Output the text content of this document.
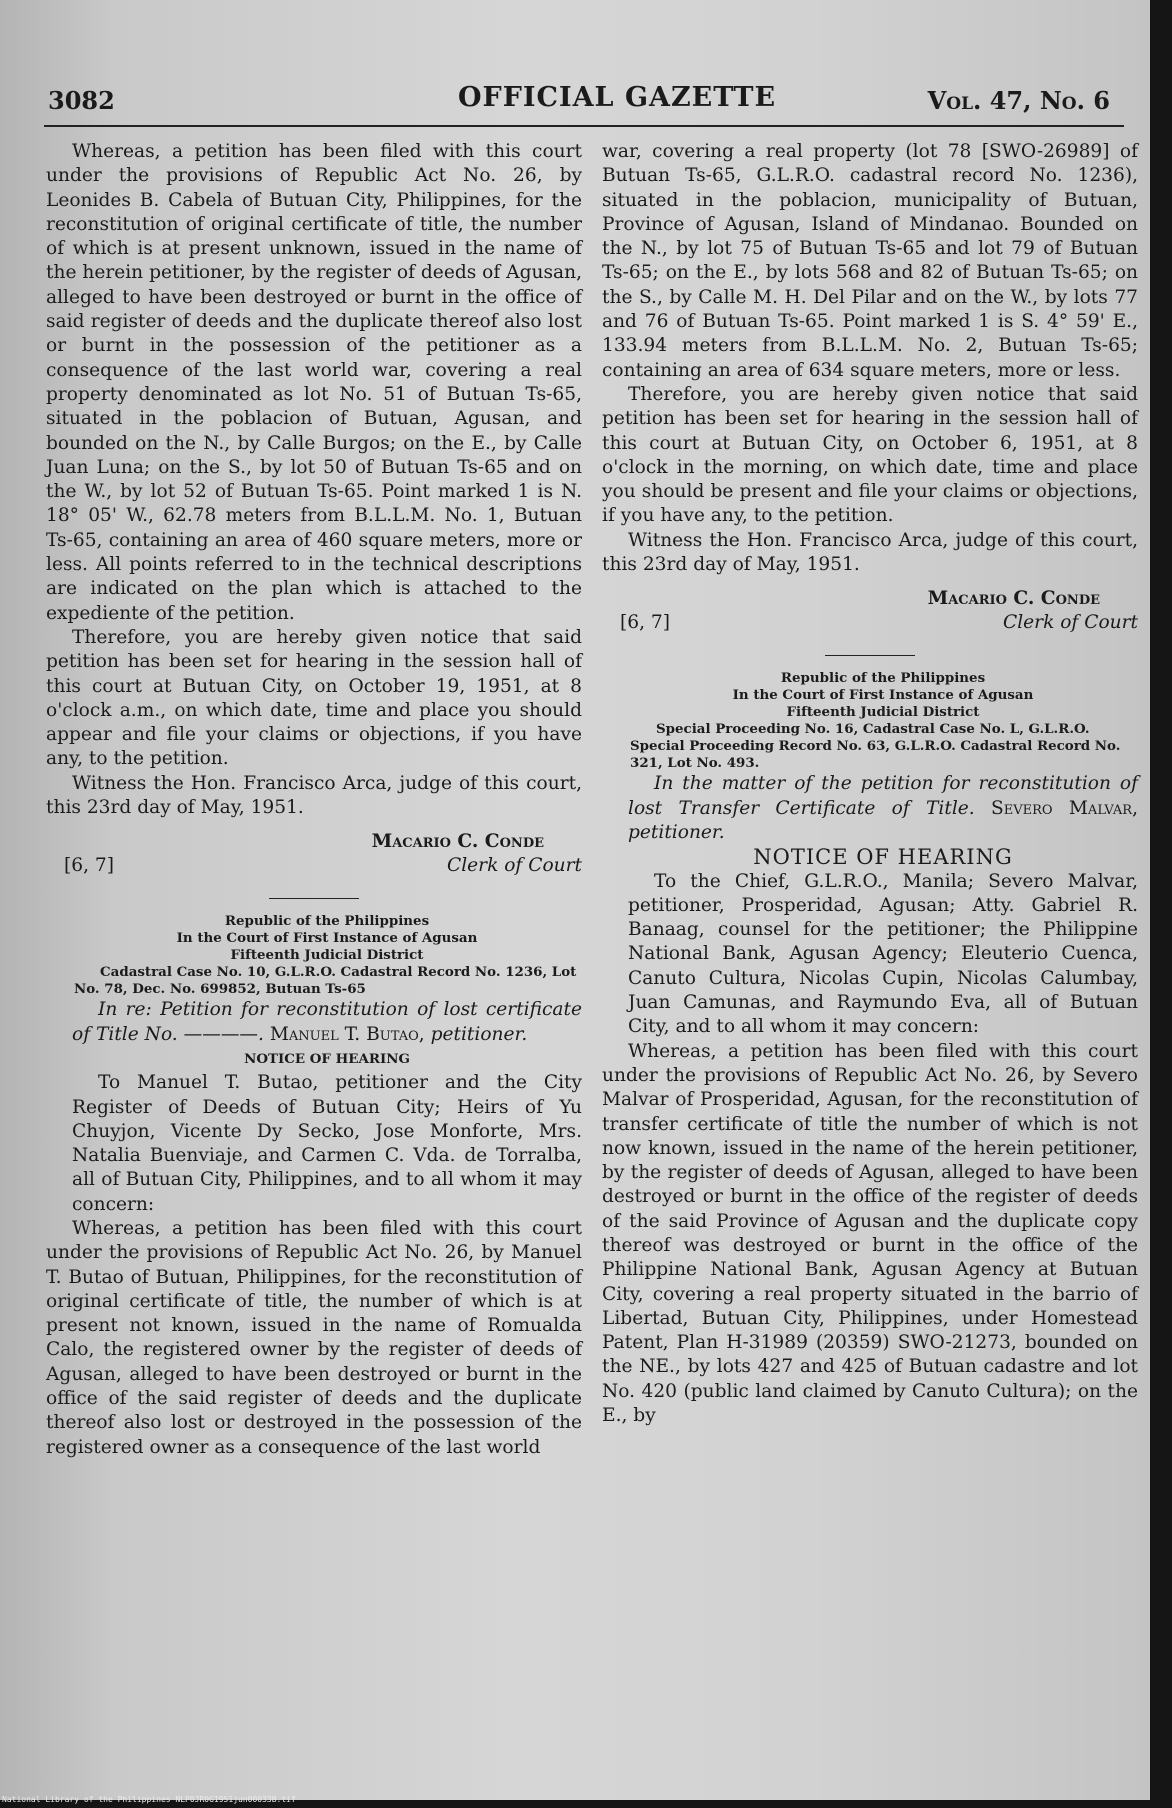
3082	OFFICIAL GAZETTE	Vol. 47, No. 6

Whereas, a petition has been filed with this court under the provisions of Republic Act No. 26, by Leonides B. Cabela of Butuan City, Philippines, for the reconstitution of original certificate of title, the number of which is at present unknown, issued in the name of the herein petitioner, by the register of deeds of Agusan, alleged to have been destroyed or burnt in the office of said register of deeds and the duplicate thereof also lost or burnt in the possession of the petitioner as a consequence of the last world war, covering a real property denominated as lot No. 51 of Butuan Ts-65, situated in the poblacion of Butuan, Agusan, and bounded on the N., by Calle Burgos; on the E., by Calle Juan Luna; on the S., by lot 50 of Butuan Ts-65 and on the W., by lot 52 of Butuan Ts-65. Point marked 1 is N. 18° 05' W., 62.78 meters from B.L.L.M. No. 1, Butuan Ts-65, containing an area of 460 square meters, more or less. All points referred to in the technical descriptions are indicated on the plan which is attached to the expediente of the petition.

Therefore, you are hereby given notice that said petition has been set for hearing in the session hall of this court at Butuan City, on October 19, 1951, at 8 o'clock a.m., on which date, time and place you should appear and file your claims or objections, if you have any, to the petition.

Witness the Hon. Francisco Arca, judge of this court, this 23rd day of May, 1951.

Macario C. Conde
[6, 7]	Clerk of Court

Republic of the Philippines

In the Court of First Instance of Agusan

Fifteenth Judicial District

Cadastral Case No. 10, G.L.R.O. Cadastral Record No. 1236, Lot No. 78, Dec. No. 699852, Butuan Ts-65

In re: Petition for reconstitution of lost certificate of Title No. ————. Manuel T. Butao, petitioner.

NOTICE OF HEARING

To Manuel T. Butao, petitioner and the City Register of Deeds of Butuan City; Heirs of Yu Chuyjon, Vicente Dy Secko, Jose Monforte, Mrs. Natalia Buenviaje, and Carmen C. Vda. de Torralba, all of Butuan City, Philippines, and to all whom it may concern:

Whereas, a petition has been filed with this court under the provisions of Republic Act No. 26, by Manuel T. Butao of Butuan, Philippines, for the reconstitution of original certificate of title, the number of which is at present not known, issued in the name of Romualda Calo, the registered owner by the register of deeds of Agusan, alleged to have been destroyed or burnt in the office of the said register of deeds and the duplicate thereof also lost or destroyed in the possession of the registered owner as a consequence of the last world

war, covering a real property (lot 78 [SWO-26989] of Butuan Ts-65, G.L.R.O. cadastral record No. 1236), situated in the poblacion, municipality of Butuan, Province of Agusan, Island of Mindanao. Bounded on the N., by lot 75 of Butuan Ts-65 and lot 79 of Butuan Ts-65; on the E., by lots 568 and 82 of Butuan Ts-65; on the S., by Calle M. H. Del Pilar and on the W., by lots 77 and 76 of Butuan Ts-65. Point marked 1 is S. 4° 59' E., 133.94 meters from B.L.L.M. No. 2, Butuan Ts-65; containing an area of 634 square meters, more or less.

Therefore, you are hereby given notice that said petition has been set for hearing in the session hall of this court at Butuan City, on October 6, 1951, at 8 o'clock in the morning, on which date, time and place you should be present and file your claims or objections, if you have any, to the petition.

Witness the Hon. Francisco Arca, judge of this court, this 23rd day of May, 1951.

Macario C. Conde
[6, 7]	Clerk of Court

Republic of the Philippines

In the Court of First Instance of Agusan

Fifteenth Judicial District

Special Proceeding No. 16, Cadastral Case No. L, G.L.R.O. Special Proceeding Record No. 63, G.L.R.O. Cadastral Record No. 321, Lot No. 493.

In the matter of the petition for reconstitution of lost Transfer Certificate of Title. Severo Malvar, petitioner.

NOTICE OF HEARING

To the Chief, G.L.R.O., Manila; Severo Malvar, petitioner, Prosperidad, Agusan; Atty. Gabriel R. Banaag, counsel for the petitioner; the Philippine National Bank, Agusan Agency; Eleuterio Cuenca, Canuto Cultura, Nicolas Cupin, Nicolas Calumbay, Juan Camunas, and Raymundo Eva, all of Butuan City, and to all whom it may concern:

Whereas, a petition has been filed with this court under the provisions of Republic Act No. 26, by Severo Malvar of Prosperidad, Agusan, for the reconstitution of transfer certificate of title the number of which is not now known, issued in the name of the herein petitioner, by the register of deeds of Agusan, alleged to have been destroyed or burnt in the office of the register of deeds of the said Province of Agusan and the duplicate copy thereof was destroyed or burnt in the office of the Philippine National Bank, Agusan Agency at Butuan City, covering a real property situated in the barrio of Libertad, Butuan City, Philippines, under Homestead Patent, Plan H-31989 (20359) SWO-21273, bounded on the NE., by lots 427 and 425 of Butuan cadastre and lot No. 420 (public land claimed by Canuto Cultura); on the E., by

National Library of the Philippines NLP0JR0G1951jun00033B.tif
